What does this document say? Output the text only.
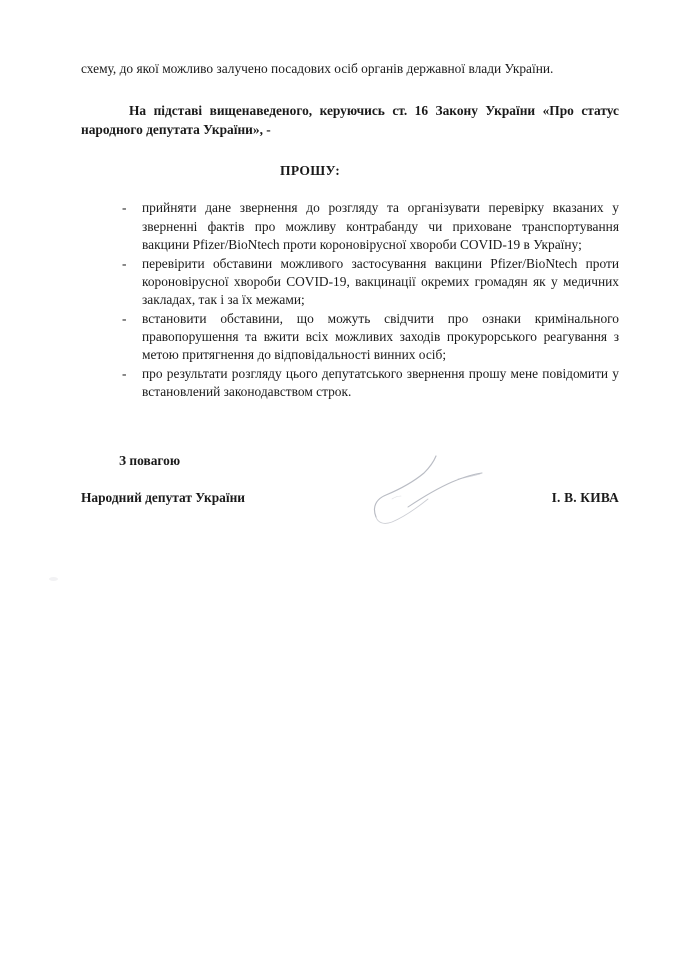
схему, до якої можливо залучено посадових осіб органів державної влади України.

На підставі вищенаведеного, керуючись ст. 16 Закону України «Про статус народного депутата України», -

ПРОШУ:
- прийняти дане звернення до розгляду та організувати перевірку вказаних у зверненні фактів про можливу контрабанду чи приховане транспортування вакцини Pfizer/BioNtech проти короновірусної хвороби COVID-19 в Україну;
- перевірити обставини можливого застосування вакцини Pfizer/BioNtech проти короновірусної хвороби COVID-19, вакцинації окремих громадян як у медичних закладах, так і за їх межами;
- встановити обставини, що можуть свідчити про ознаки кримінального правопорушення та вжити всіх можливих заходів прокурорського реагування з метою притягнення до відповідальності винних осіб;
- про результати розгляду цього депутатського звернення прошу мене повідомити у встановлений законодавством строк.
З повагою
Народний депутат України	І. В. КИВА
